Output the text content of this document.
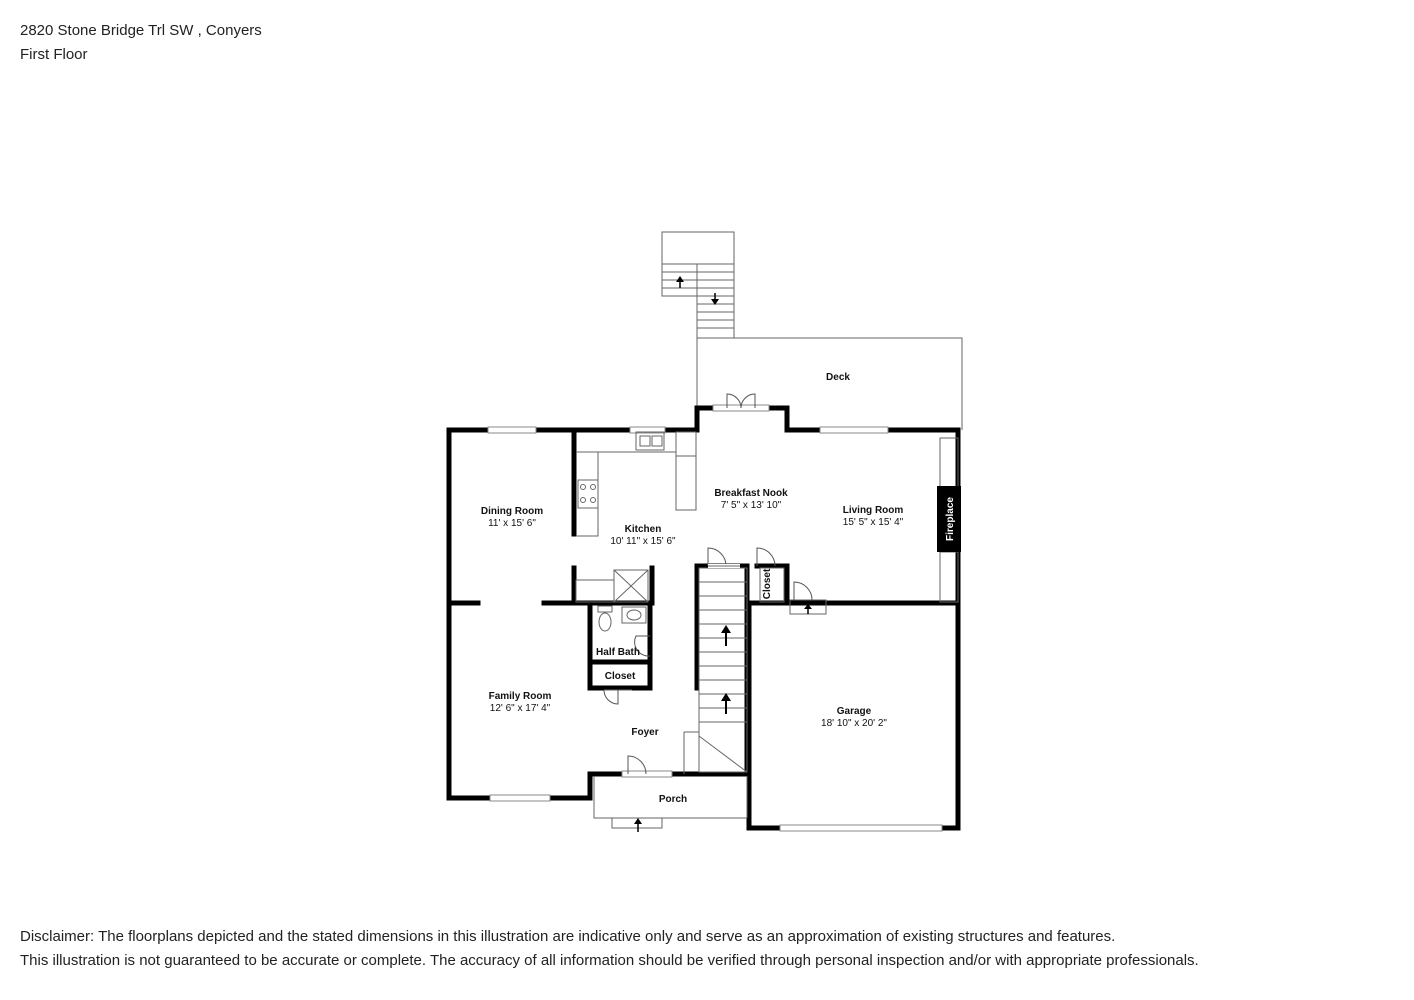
2820 Stone Bridge Trl SW , Conyers
First Floor
Deck
Fireplace
Closet
Dining Room
11' x 15' 6"
Kitchen
10' 11" x 15' 6"
Breakfast Nook
7' 5" x 13' 10"	Living Room
15' 5" x 15' 4"
Half Bath
Closet
Family Room
12' 6" x 17' 4"
Foyer
Garage
18' 10" x 20' 2"
Porch
Disclaimer: The floorplans depicted and the stated dimensions in this illustration are indicative only and serve as an approximation of existing structures and features.
This illustration is not guaranteed to be accurate or complete. The accuracy of all information should be verified through personal inspection and/or with appropriate professionals.
